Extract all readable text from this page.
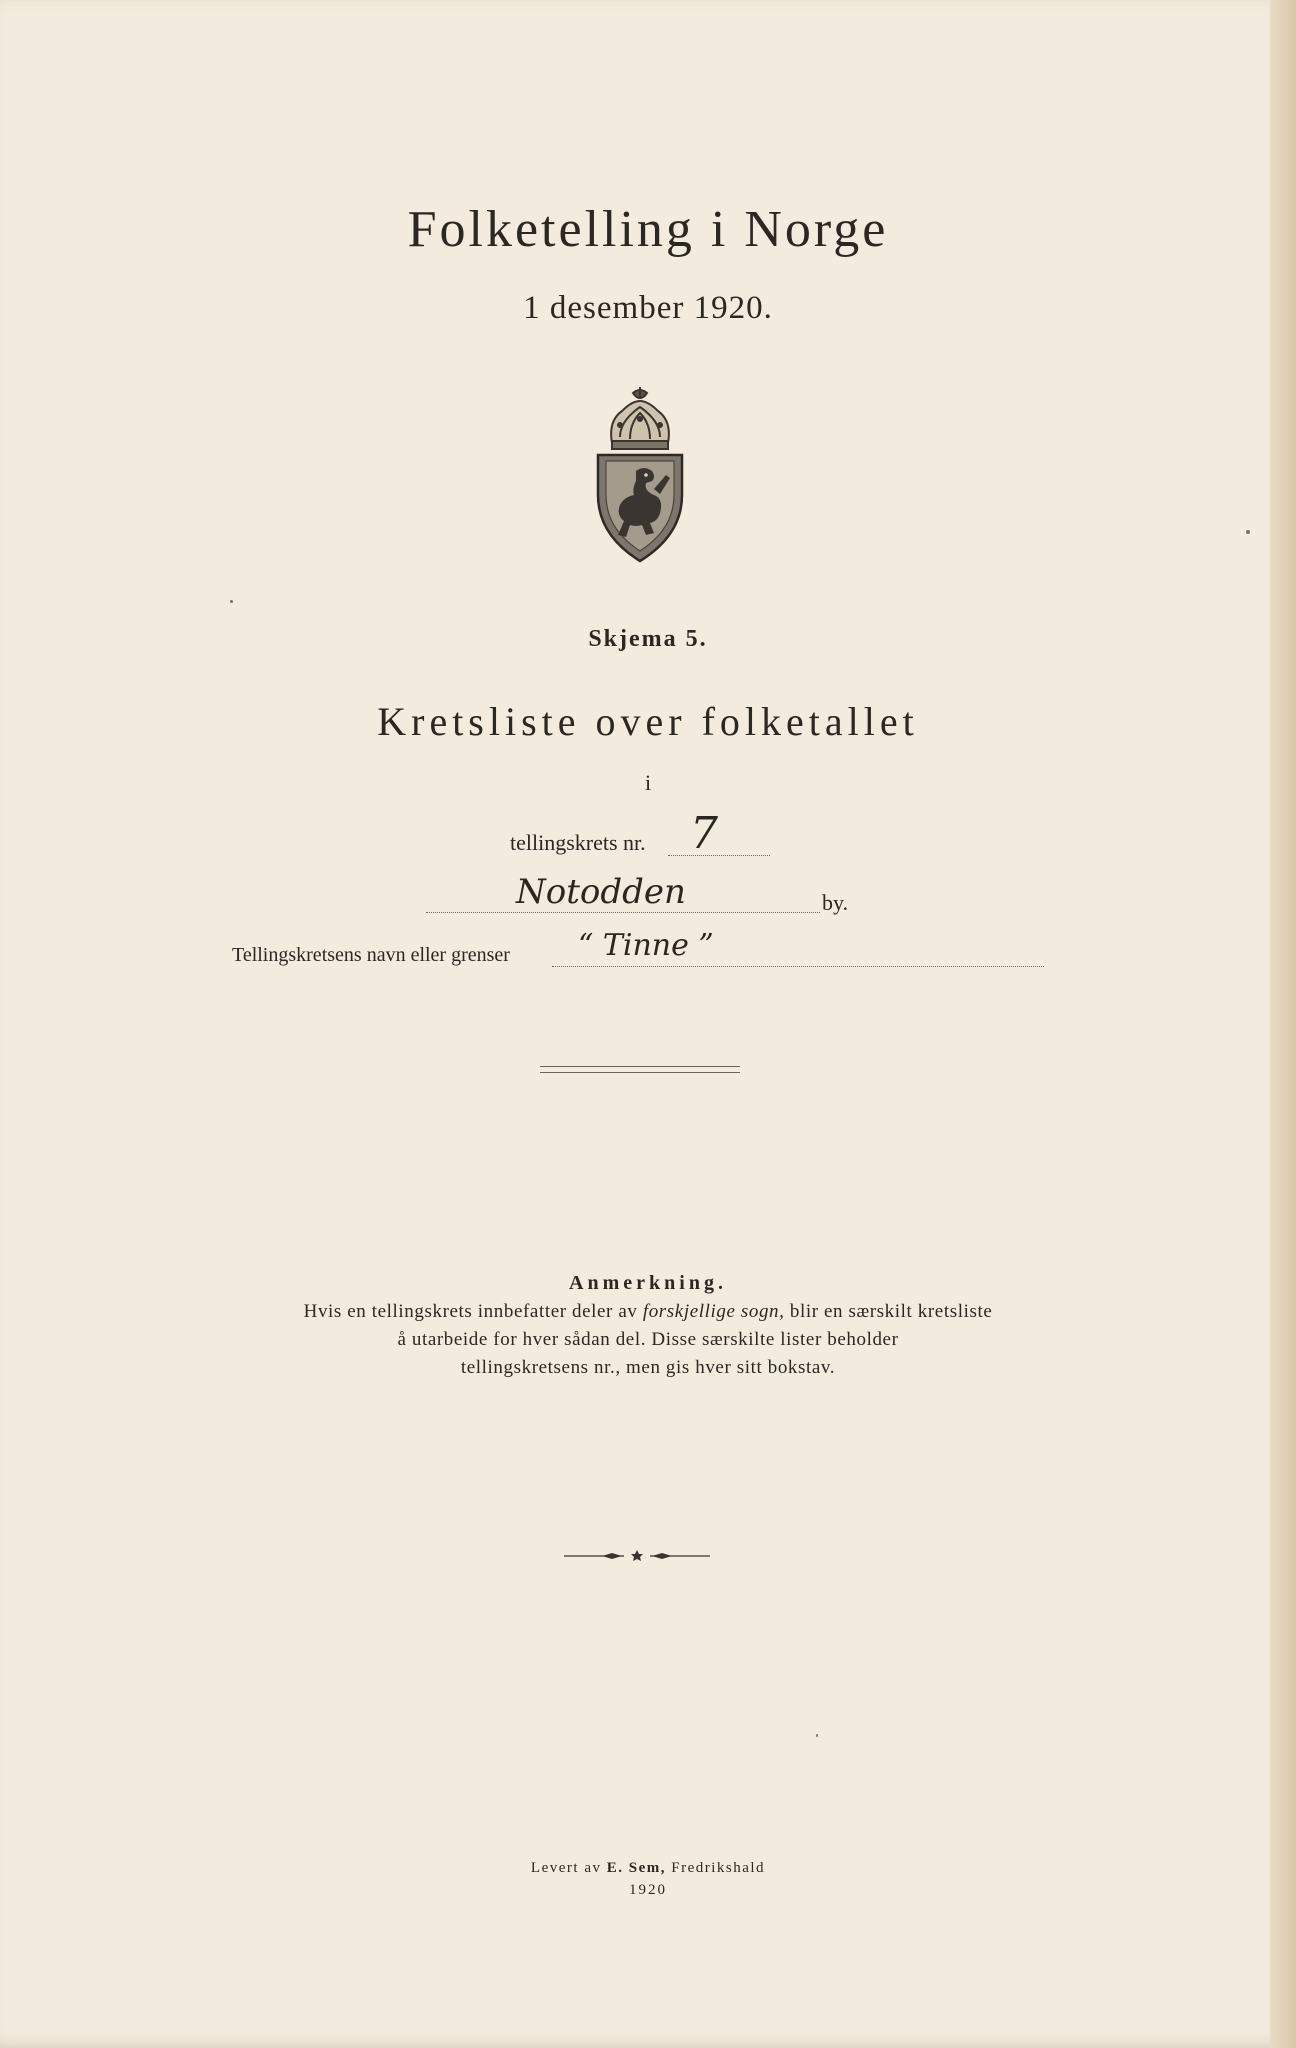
Folketelling i Norge
1 desember 1920.
Skjema 5.
Kretsliste over folketallet
i
tellingskrets nr. 7
Notodden	by.
Tellingskretsens navn eller grenser “ Tinne ”
Anmerkning.
Hvis en tellingskrets innbefatter deler av forskjellige sogn, blir en særskilt kretsliste
å utarbeide for hver sådan del. Disse særskilte lister beholder
tellingskretsens nr., men gis hver sitt bokstav.
Levert av E. Sem, Fredrikshald
1920
